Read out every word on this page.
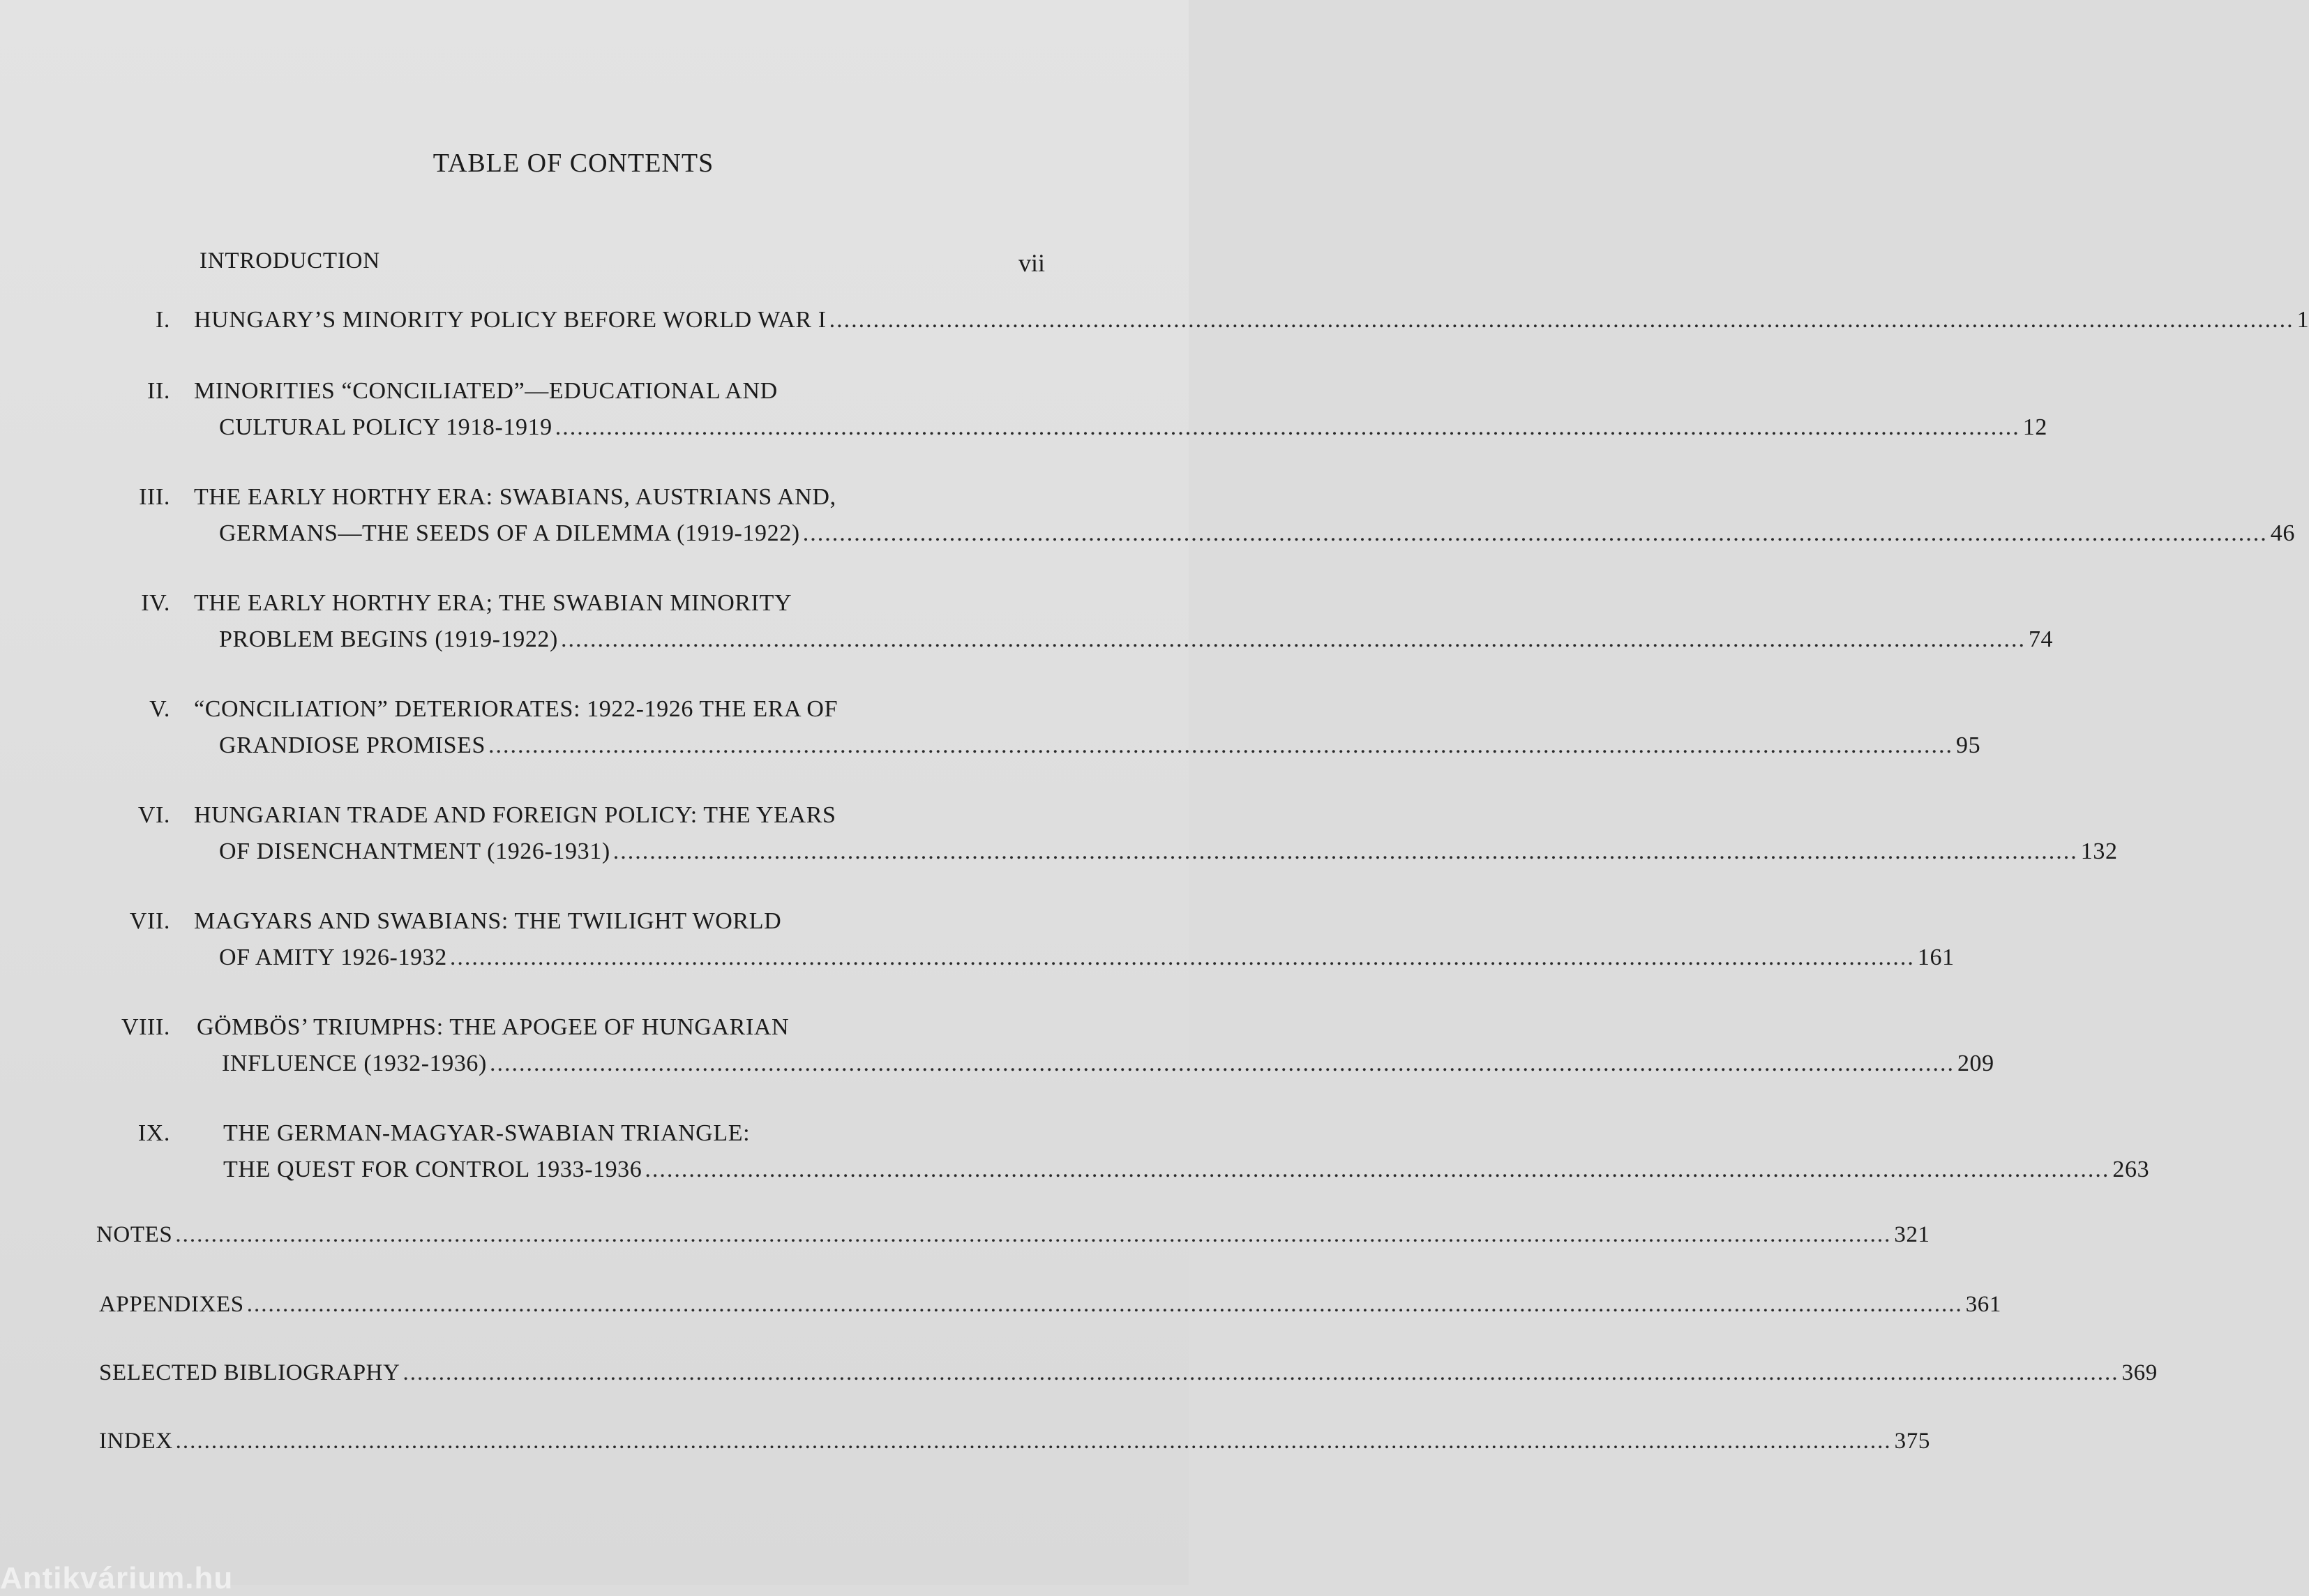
TABLE OF CONTENTS
INTRODUCTION	vii
I. HUNGARY’S MINORITY POLICY BEFORE WORLD WAR I ........................................................................................................................................................................................................ 1
II. MINORITIES “CONCILIATED”—EDUCATIONAL AND
CULTURAL POLICY 1918-1919 ........................................................................................................................................................................................................ 12
III. THE EARLY HORTHY ERA: SWABIANS, AUSTRIANS AND,
GERMANS—THE SEEDS OF A DILEMMA (1919-1922) ........................................................................................................................................................................................................ 46
IV. THE EARLY HORTHY ERA; THE SWABIAN MINORITY
PROBLEM BEGINS (1919-1922) ........................................................................................................................................................................................................ 74
V. “CONCILIATION” DETERIORATES: 1922-1926 THE ERA OF
GRANDIOSE PROMISES ........................................................................................................................................................................................................ 95
VI. HUNGARIAN TRADE AND FOREIGN POLICY: THE YEARS
OF DISENCHANTMENT (1926-1931) ........................................................................................................................................................................................................ 132
VII. MAGYARS AND SWABIANS: THE TWILIGHT WORLD
OF AMITY 1926-1932 ........................................................................................................................................................................................................ 161
VIII. GÖMBÖS’ TRIUMPHS: THE APOGEE OF HUNGARIAN
INFLUENCE (1932-1936) ........................................................................................................................................................................................................ 209
IX. THE GERMAN-MAGYAR-SWABIAN TRIANGLE:
THE QUEST FOR CONTROL 1933-1936 ........................................................................................................................................................................................................ 263
NOTES ................................................................................................................................................................................................................................................ 321
APPENDIXES ................................................................................................................................................................................................................................................ 361
SELECTED BIBLIOGRAPHY ................................................................................................................................................................................................................................................ 369
INDEX ................................................................................................................................................................................................................................................ 375
Antikvárium.hu
